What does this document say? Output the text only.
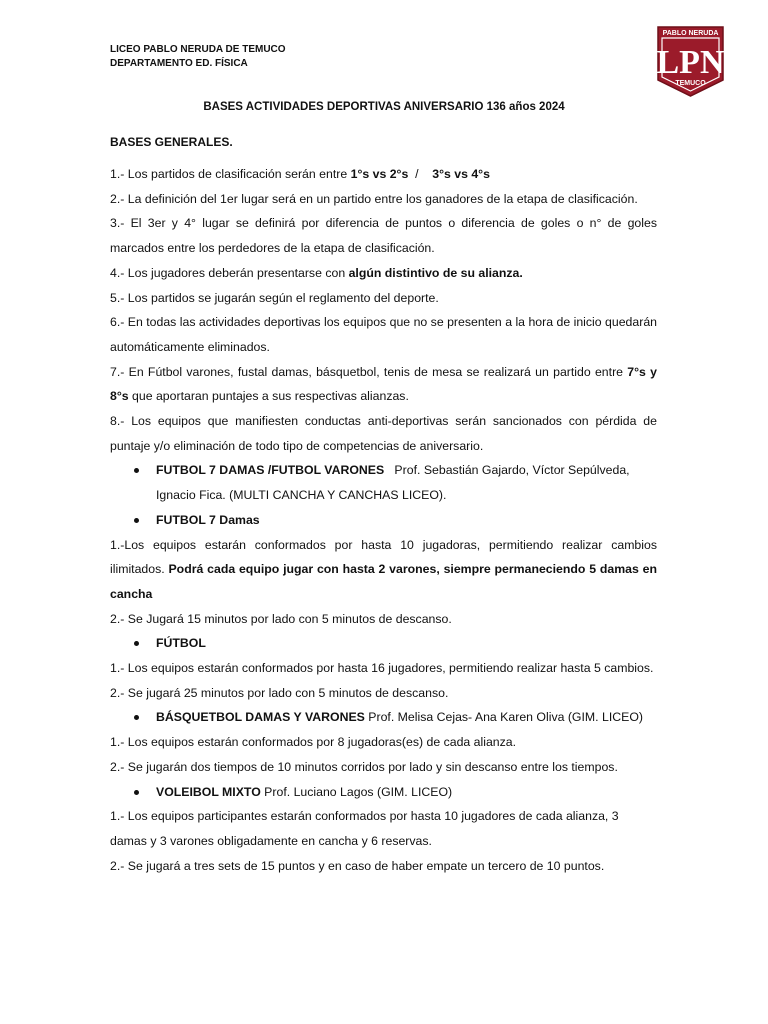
LICEO PABLO NERUDA DE TEMUCO
DEPARTAMENTO ED. FÍSICA
PABLO NERUDA
LPN
TEMUCO
BASES ACTIVIDADES DEPORTIVAS ANIVERSARIO 136 años 2024
BASES GENERALES.

1.- Los partidos de clasificación serán entre 1°s vs 2°s  /    3°s vs 4°s

2.- La definición del 1er lugar será en un partido entre los ganadores de la etapa de clasificación.

3.- El 3er y 4° lugar se definirá por diferencia de puntos o diferencia de goles o n° de goles marcados entre los perdedores de la etapa de clasificación.

4.- Los jugadores deberán presentarse con algún distintivo de su alianza.

5.- Los partidos se jugarán según el reglamento del deporte.

6.- En todas las actividades deportivas los equipos que no se presenten a la hora de inicio quedarán automáticamente eliminados.

7.- En Fútbol varones, fustal damas, básquetbol, tenis de mesa se realizará un partido entre 7°s y 8°s que aportaran puntajes a sus respectivas alianzas.

8.- Los equipos que manifiesten conductas anti-deportivas serán sancionados con pérdida de puntaje y/o eliminación de todo tipo de competencias de aniversario.

FUTBOL 7 DAMAS /FUTBOL VARONES   Prof. Sebastián Gajardo, Víctor Sepúlveda,

Ignacio Fica. (MULTI CANCHA Y CANCHAS LICEO).

FUTBOL 7 Damas

1.-Los equipos estarán conformados por hasta 10 jugadoras, permitiendo realizar cambios ilimitados. Podrá cada equipo jugar con hasta 2 varones, siempre permaneciendo 5 damas en cancha

2.- Se Jugará 15 minutos por lado con 5 minutos de descanso.

FÚTBOL

1.- Los equipos estarán conformados por hasta 16 jugadores, permitiendo realizar hasta 5 cambios.

2.- Se jugará 25 minutos por lado con 5 minutos de descanso.

BÁSQUETBOL DAMAS Y VARONES Prof. Melisa Cejas- Ana Karen Oliva (GIM. LICEO)

1.- Los equipos estarán conformados por 8 jugadoras(es) de cada alianza.

2.- Se jugarán dos tiempos de 10 minutos corridos por lado y sin descanso entre los tiempos.

VOLEIBOL MIXTO Prof. Luciano Lagos (GIM. LICEO)

1.- Los equipos participantes estarán conformados por hasta 10 jugadores de cada alianza, 3 damas y 3 varones obligadamente en cancha y 6 reservas.

2.- Se jugará a tres sets de 15 puntos y en caso de haber empate un tercero de 10 puntos.
